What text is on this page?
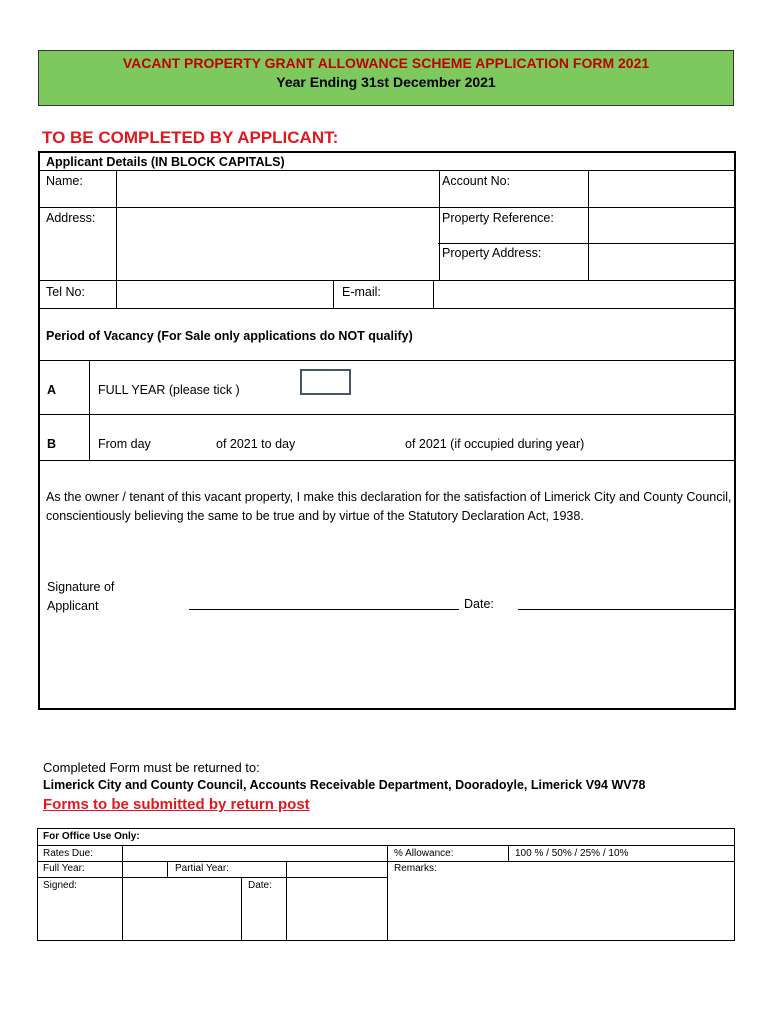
VACANT PROPERTY GRANT ALLOWANCE SCHEME APPLICATION FORM 2021
Year Ending 31st December 2021
TO BE COMPLETED BY APPLICANT:
Applicant Details (IN BLOCK CAPITALS)
Name:	Account No:
Address:	Property Reference:
Property Address:
Tel No:	E-mail:
Period of Vacancy (For Sale only applications do NOT qualify)
A	FULL YEAR (please tick )
B	From day	of 2021 to day	of 2021 (if occupied during year)
As the owner / tenant of this vacant property, I make this declaration for the satisfaction of Limerick City and County Council, conscientiously believing the same to be true and by virtue of the Statutory Declaration Act, 1938.
Signature of
Applicant	Date:
Completed Form must be returned to:
Limerick City and County Council, Accounts Receivable Department, Dooradoyle, Limerick V94 WV78
Forms to be submitted by return post
For Office Use Only:
Rates Due:	% Allowance:	100 % / 50% / 25% / 10%
Full Year:	Partial Year:	Remarks:
Signed:	Date:
